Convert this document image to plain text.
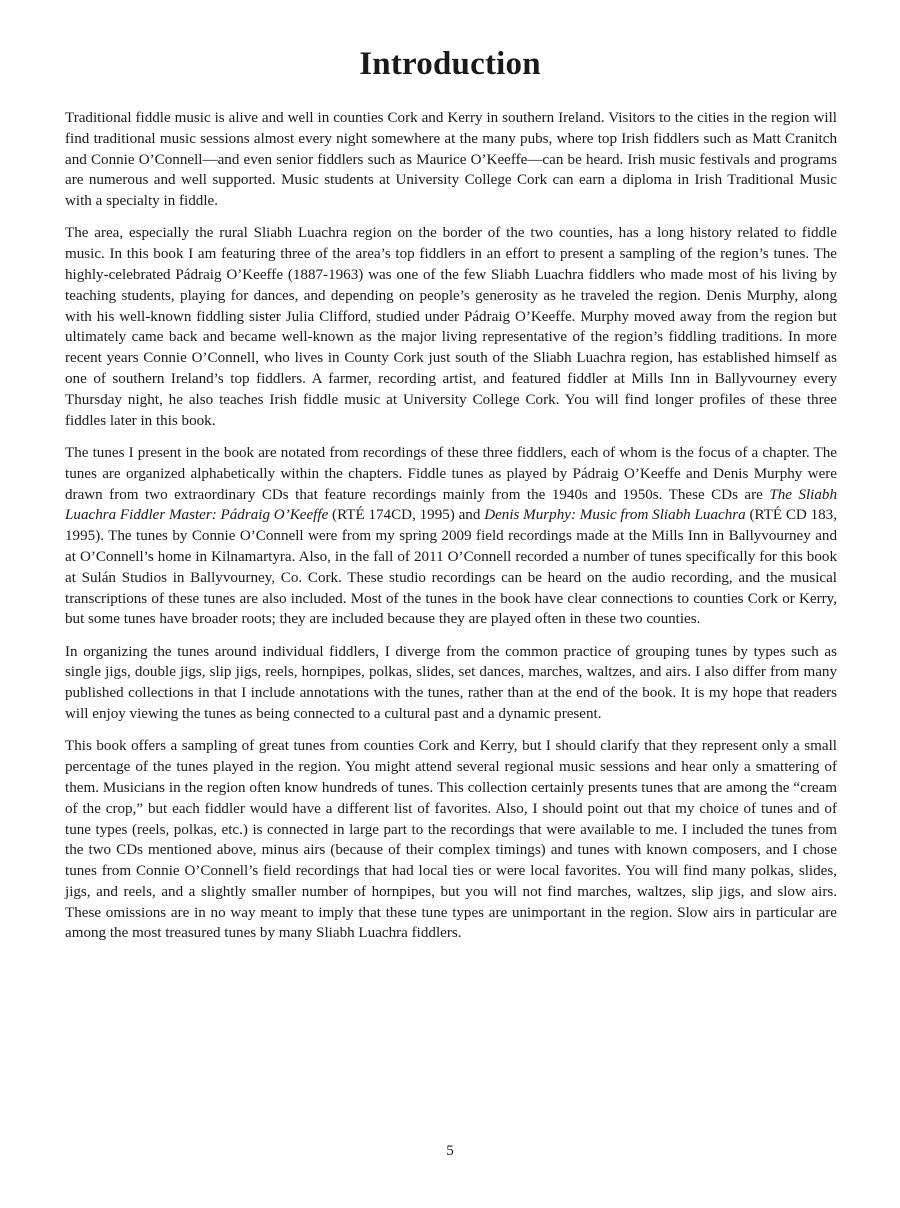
Introduction

Traditional fiddle music is alive and well in counties Cork and Kerry in southern Ireland. Visitors to the cities in the region will find traditional music sessions almost every night somewhere at the many pubs, where top Irish fiddlers such as Matt Cranitch and Connie O’Connell—and even senior fiddlers such as Maurice O’Keeffe—can be heard. Irish music festivals and programs are numerous and well supported. Music students at University College Cork can earn a diploma in Irish Traditional Music with a specialty in fiddle.

The area, especially the rural Sliabh Luachra region on the border of the two counties, has a long history related to fiddle music. In this book I am featuring three of the area’s top fiddlers in an effort to present a sampling of the region’s tunes. The highly-celebrated Pádraig O’Keeffe (1887-1963) was one of the few Sliabh Luachra fiddlers who made most of his living by teaching students, playing for dances, and depending on people’s generosity as he traveled the region. Denis Murphy, along with his well-known fiddling sister Julia Clifford, studied under Pádraig O’Keeffe. Murphy moved away from the region but ultimately came back and became well-known as the major living representative of the region’s fiddling traditions. In more recent years Connie O’Connell, who lives in County Cork just south of the Sliabh Luachra region, has established himself as one of southern Ireland’s top fiddlers. A farmer, recording artist, and featured fiddler at Mills Inn in Ballyvourney every Thursday night, he also teaches Irish fiddle music at University College Cork. You will find longer profiles of these three fiddles later in this book.

The tunes I present in the book are notated from recordings of these three fiddlers, each of whom is the focus of a chapter. The tunes are organized alphabetically within the chapters. Fiddle tunes as played by Pádraig O’Keeffe and Denis Murphy were drawn from two extraordinary CDs that feature recordings mainly from the 1940s and 1950s. These CDs are The Sliabh Luachra Fiddler Master: Pádraig O’Keeffe (RTÉ 174CD, 1995) and Denis Murphy: Music from Sliabh Luachra (RTÉ CD 183, 1995). The tunes by Connie O’Connell were from my spring 2009 field recordings made at the Mills Inn in Ballyvourney and at O’Connell’s home in Kilnamartyra. Also, in the fall of 2011 O’Connell recorded a number of tunes specifically for this book at Sulán Studios in Ballyvourney, Co. Cork. These studio recordings can be heard on the audio recording, and the musical transcriptions of these tunes are also included. Most of the tunes in the book have clear connections to counties Cork or Kerry, but some tunes have broader roots; they are included because they are played often in these two counties.

In organizing the tunes around individual fiddlers, I diverge from the common practice of grouping tunes by types such as single jigs, double jigs, slip jigs, reels, hornpipes, polkas, slides, set dances, marches, waltzes, and airs. I also differ from many published collections in that I include annotations with the tunes, rather than at the end of the book. It is my hope that readers will enjoy viewing the tunes as being connected to a cultural past and a dynamic present.

This book offers a sampling of great tunes from counties Cork and Kerry, but I should clarify that they represent only a small percentage of the tunes played in the region. You might attend several regional music sessions and hear only a smattering of them. Musicians in the region often know hundreds of tunes. This collection certainly presents tunes that are among the “cream of the crop,” but each fiddler would have a different list of favorites. Also, I should point out that my choice of tunes and of tune types (reels, polkas, etc.) is connected in large part to the recordings that were available to me. I included the tunes from the two CDs mentioned above, minus airs (because of their complex timings) and tunes with known composers, and I chose tunes from Connie O’Connell’s field recordings that had local ties or were local favorites. You will find many polkas, slides, jigs, and reels, and a slightly smaller number of hornpipes, but you will not find marches, waltzes, slip jigs, and slow airs. These omissions are in no way meant to imply that these tune types are unimportant in the region. Slow airs in particular are among the most treasured tunes by many Sliabh Luachra fiddlers.

5
